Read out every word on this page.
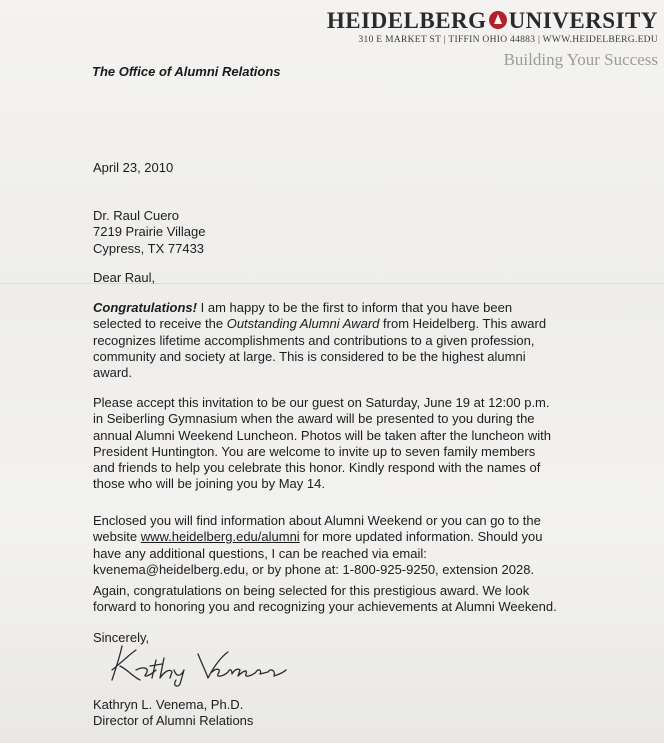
HEIDELBERG UNIVERSITY
310 E MARKET ST | TIFFIN OHIO 44883 | WWW.HEIDELBERG.EDU
Building Your Success
The Office of Alumni Relations
April 23, 2010
Dr. Raul Cuero
7219 Prairie Village
Cypress, TX 77433
Dear Raul,
Congratulations! I am happy to be the first to inform that you have been
selected to receive the Outstanding Alumni Award from Heidelberg. This award
recognizes lifetime accomplishments and contributions to a given profession,
community and society at large. This is considered to be the highest alumni
award.
Please accept this invitation to be our guest on Saturday, June 19 at 12:00 p.m.
in Seiberling Gymnasium when the award will be presented to you during the
annual Alumni Weekend Luncheon. Photos will be taken after the luncheon with
President Huntington. You are welcome to invite up to seven family members
and friends to help you celebrate this honor. Kindly respond with the names of
those who will be joining you by May 14.
Enclosed you will find information about Alumni Weekend or you can go to the
website www.heidelberg.edu/alumni for more updated information. Should you
have any additional questions, I can be reached via email:
kvenema@heidelberg.edu, or by phone at: 1-800-925-9250, extension 2028.
Again, congratulations on being selected for this prestigious award. We look
forward to honoring you and recognizing your achievements at Alumni Weekend.
Sincerely,
Kathryn L. Venema, Ph.D.
Director of Alumni Relations
